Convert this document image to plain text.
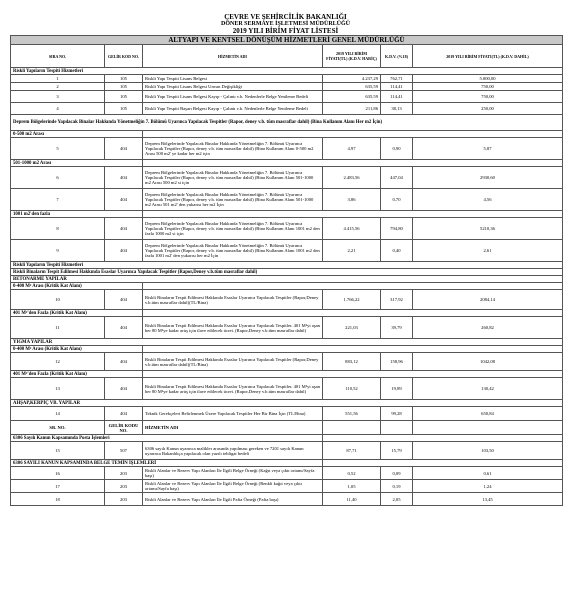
ÇEVRE VE ŞEHİRCİLİK BAKANLIĞI
DÖNER SERMAYE İŞLETMESİ MÜDÜRLÜĞÜ
2019 YILI BİRİM FİYAT LİSTESİ
ALTYAPI VE KENTSEL DÖNÜŞÜM HİZMETLERİ GENEL MÜDÜRLÜĞÜ					
SIRA NO.	GELİR KOD NO.	HİZMETİN ADI	2019 YILI BİRİM FİYATI(TL) (K.D.V. HARİÇ)	K.D.V. (%18)	2019 YILI BİRİM FİYATI(TL) (K.D.V. DAHİL)
Riskli Yapıların Tespiti Hizmetleri					
1	105	Riskli Yapı Tespiti Lisans Belgesi	4.237,29	762,71	5.000,00
2	105	Riskli Yapı Tespiti Lisans Belgesi Unvan Değişikliği	635,59	114,41	750,00
3	105	Riskli Yapı Tespiti Lisans Belgesi Kayıp - Çalıntı v.b. Nedenlerle Belge Yenileme Bedeli	635,59	114,41	750,00
4	105	Riskli Yapı Tespiti Başarı Belgesi Kayıp - Çalıntı v.b. Nedenlerle Belge Yenileme Bedeli	211,86	38,13	250,00
Deprem Bölgelerinde Yapılacak Binalar Hakkında Yönetmeliğin 7. Bölümü Uyarınca Yapılacak Tespitler (Rapor, deney v.b. tüm masraflar dahil) (Bina Kullanım Alanı Her m2 İçin)					
0-500 m2 Arası					
5	404	Deprem Bölgelerinde Yapılacak Binalar Hakkında Yönetmeliğin 7. Bölümü Uyarınca Yapılacak Tespitler (Rapor, deney v.b. tüm masraflar dahil) (Bina Kullanım Alanı 0-500 m2 Arası 500 m2' ye kadar her m2 için	4,97	0,90	5,87
501-1000 m2 Arası					
6	404	Deprem Bölgelerinde Yapılacak Binalar Hakkında Yönetmeliğin 7. Bölümü Uyarınca Yapılacak Tespitler (Rapor, deney v.b. tüm masraflar dahil) (Bina Kullanım Alanı 501-1000 m2 Arası 500 m2 si için	2.483,56	447,04	2930,60
7	404	Deprem Bölgelerinde Yapılacak Binalar Hakkında Yönetmeliğin 7. Bölümü Uyarınca Yapılacak Tespitler (Rapor, deney v.b. tüm masraflar dahil) (Bina Kullanım Alanı 501-1000 m2 Arası 501 m2' den yukarısı her m2 İçin	3,86	0,70	4,56
1001 m2'den fazla					
8	404	Deprem Bölgelerinde Yapılacak Binalar Hakkında Yönetmeliğin 7. Bölümü Uyarınca Yapılacak Tespitler (Rapor, deney v.b. tüm masraflar dahil) (Bina Kullanım Alanı 1001 m2 den fazla 1000 m2 si için	4.415,56	794,80	5210,36
9	404	Deprem Bölgelerinde Yapılacak Binalar Hakkında Yönetmeliğin 7. Bölümü Uyarınca Yapılacak Tespitler (Rapor, deney v.b. tüm masraflar dahil) (Bina Kullanım Alanı 1001 m2 den fazla 1001 m2' den yukarısı her m2 İçin	2,21	0,40	2,61
Riskli Yapıların Tespiti Hizmetleri					
Riskli Binaların Tespit Edilmesi Hakkında Esaslar Uyarınca Yapılacak Tespitler (Rapor,Deney v.b.tüm masraflar dahil)					
BETONARME YAPILAR					
0-400 M² Arası (Kritik Kat Alanı)					
10	404	Riskli Binaların Tespit Edilmesi Hakkında Esaslar Uyarınca Yapılacak Tespitler (Rapor,Deney v.b.tüm masraflar dahil)(TL/Bina)	1.766,22	317,92	2084,14
401 M²'den Fazla (Kritik Kat Alanı)					
11	404	Riskli Binaların Tespit Edilmesi Hakkında Esaslar Uyarınca Yapılacak Tespitler. 401 M²yi aşan her 80 M²ye kadar artış için ilave edilecek ücret. (Rapor,Deney v.b.tüm masraflar dahil)	221,03	39,79	260,82
YIĞMA YAPILAR					
0-400 M² Arası (Kritik Kat Alanı)					
12	404	Riskli Binaların Tespit Edilmesi Hakkında Esaslar Uyarınca Yapılacak Tespitler (Rapor,Deney v.b.tüm masraflar dahil)(TL/Bina)	883,12	158,96	1042,08
401 M²'den Fazla (Kritik Kat Alanı)					
13	404	Riskli Binaların Tespit Edilmesi Hakkında Esaslar Uyarınca Yapılacak Tespitler. 401 M²yi aşan her 80 M²ye kadar artış için ilave edilecek ücret. (Rapor,Deney v.b.tüm masraflar dahil)	110,52	19,89	130,42
AHŞAP,KERPİÇ VB. YAPILAR					
14	404	Teknik Gerekçeleri Belirlenmek Üzere Yapılacak Tespitler Her Bir Bina İçin (TL/Bina)	551,56	99,28	650,84
SR. NO.	GELİR KODU NO.	HİZMETİN ADI			
6306 Sayılı Kanun Kapsamında Posta İşlemleri					
15	507	6306 sayılı Kanun uyarınca malikler arasında yapılması gereken ve 7201 sayılı Kanun uyarınca Bakanlıkça yapılacak olan yazılı tebligat bedeli	87,71	15,79	103,50
6306 SAYILI KANUN KAPSAMINDA BELGE TEMİN İŞLEMLERİ					
16	203	Riskli Alanlar ve Rezerv Yapı Alanları İle İlgili Belge Örneği (Kağıt veya çıktı ortamı/Sayfa başı)	0,52	0,09	0,61
17	203	Riskli Alanlar ve Rezerv Yapı Alanları İle İlgili Belge Örneği (Renkli kağıt veya çıktı ortamı/Sayfa başı)	1,05	0,19	1,24
18	203	Riskli Alanlar ve Rezerv Yapı Alanları İle İlgili Pafta Örneği (Pafta başı)	11,40	2,05	13,45
